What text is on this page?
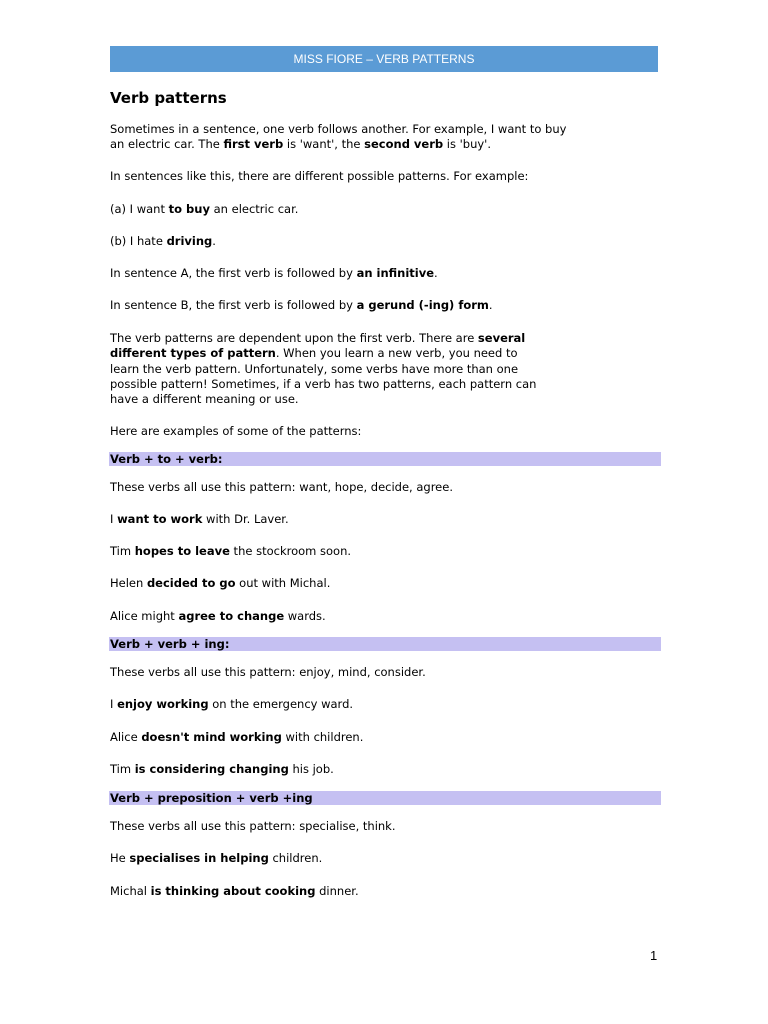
MISS FIORE – VERB PATTERNS
Verb patterns

Sometimes in a sentence, one verb follows another. For example, I want to buy an electric car. The first verb is 'want', the second verb is 'buy'.

In sentences like this, there are different possible patterns. For example:

(a) I want to buy an electric car.

(b) I hate driving.

In sentence A, the first verb is followed by an infinitive.

In sentence B, the first verb is followed by a gerund (-ing) form.

The verb patterns are dependent upon the first verb. There are several different types of pattern. When you learn a new verb, you need to learn the verb pattern. Unfortunately, some verbs have more than one possible pattern! Sometimes, if a verb has two patterns, each pattern can have a different meaning or use.

Here are examples of some of the patterns:

Verb + to + verb:

These verbs all use this pattern: want, hope, decide, agree.

I want to work with Dr. Laver.

Tim hopes to leave the stockroom soon.

Helen decided to go out with Michal.

Alice might agree to change wards.

Verb + verb + ing:

These verbs all use this pattern: enjoy, mind, consider.

I enjoy working on the emergency ward.

Alice doesn't mind working with children.

Tim is considering changing his job.

Verb + preposition + verb +ing

These verbs all use this pattern: specialise, think.

He specialises in helping children.

Michal is thinking about cooking dinner.

1
